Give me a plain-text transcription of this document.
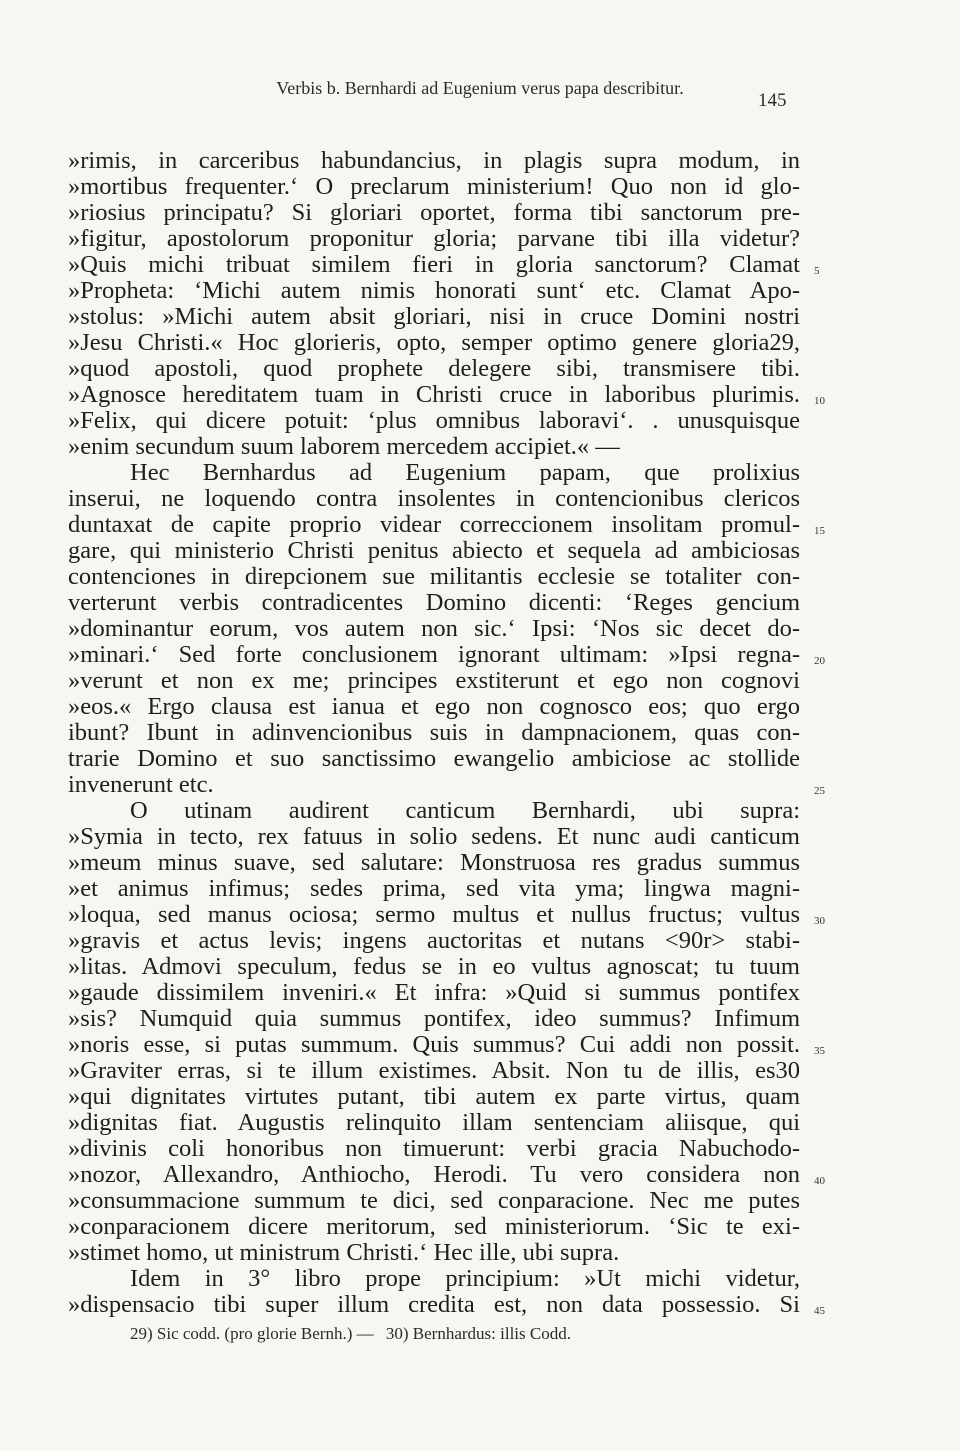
Verbis b. Bernhardi ad Eugenium verus papa describitur.
145
»rimis, in carceribus habundancius, in plagis supra modum, in
»mortibus frequenter.‘ O preclarum ministerium! Quo non id glo-
»riosius principatu? Si gloriari oportet, forma tibi sanctorum pre-
»figitur, apostolorum proponitur gloria; parvane tibi illa videtur?
»Quis michi tribuat similem fieri in gloria sanctorum? Clamat
»Propheta: ‘Michi autem nimis honorati sunt‘ etc. Clamat Apo-
»stolus: »Michi autem absit gloriari, nisi in cruce Domini nostri
»Jesu Christi.« Hoc glorieris, opto, semper optimo genere gloria29,
»quod apostoli, quod prophete delegere sibi, transmisere tibi.
»Agnosce hereditatem tuam in Christi cruce in laboribus plurimis.
»Felix, qui dicere potuit: ‘plus omnibus laboravi‘. . unusquisque
»enim secundum suum laborem mercedem accipiet.« —
Hec Bernhardus ad Eugenium papam, que prolixius
inserui, ne loquendo contra insolentes in contencionibus clericos
duntaxat de capite proprio videar correccionem insolitam promul-
gare, qui ministerio Christi penitus abiecto et sequela ad ambiciosas
contenciones in direpcionem sue militantis ecclesie se totaliter con-
verterunt verbis contradicentes Domino dicenti: ‘Reges gencium
»dominantur eorum, vos autem non sic.‘ Ipsi: ‘Nos sic decet do-
»minari.‘ Sed forte conclusionem ignorant ultimam: »Ipsi regna-
»verunt et non ex me; principes exstiterunt et ego non cognovi
»eos.« Ergo clausa est ianua et ego non cognosco eos; quo ergo
ibunt? Ibunt in adinvencionibus suis in dampnacionem, quas con-
trarie Domino et suo sanctissimo ewangelio ambiciose ac stollide
invenerunt etc.
O utinam audirent canticum Bernhardi, ubi supra:
»Symia in tecto, rex fatuus in solio sedens. Et nunc audi canticum
»meum minus suave, sed salutare: Monstruosa res gradus summus
»et animus infimus; sedes prima, sed vita yma; lingwa magni-
»loqua, sed manus ociosa; sermo multus et nullus fructus; vultus
»gravis et actus levis; ingens auctoritas et nutans <90r> stabi-
»litas. Admovi speculum, fedus se in eo vultus agnoscat; tu tuum
»gaude dissimilem inveniri.« Et infra: »Quid si summus pontifex
»sis? Numquid quia summus pontifex, ideo summus? Infimum
»noris esse, si putas summum. Quis summus? Cui addi non possit.
»Graviter erras, si te illum existimes. Absit. Non tu de illis, es30
»qui dignitates virtutes putant, tibi autem ex parte virtus, quam
»dignitas fiat. Augustis relinquito illam sentenciam aliisque, qui
»divinis coli honoribus non timuerunt: verbi gracia Nabuchodo-
»nozor, Allexandro, Anthiocho, Herodi. Tu vero considera non
»consummacione summum te dici, sed conparacione. Nec me putes
»conparacionem dicere meritorum, sed ministeriorum. ‘Sic te exi-
»stimet homo, ut ministrum Christi.‘ Hec ille, ubi supra.
Idem in 3° libro prope principium: »Ut michi videtur,
»dispensacio tibi super illum credita est, non data possessio. Si
5
10
15
20
25
30
35
40
45
29) Sic codd. (pro glorie Bernh.) — 30) Bernhardus: illis Codd.
